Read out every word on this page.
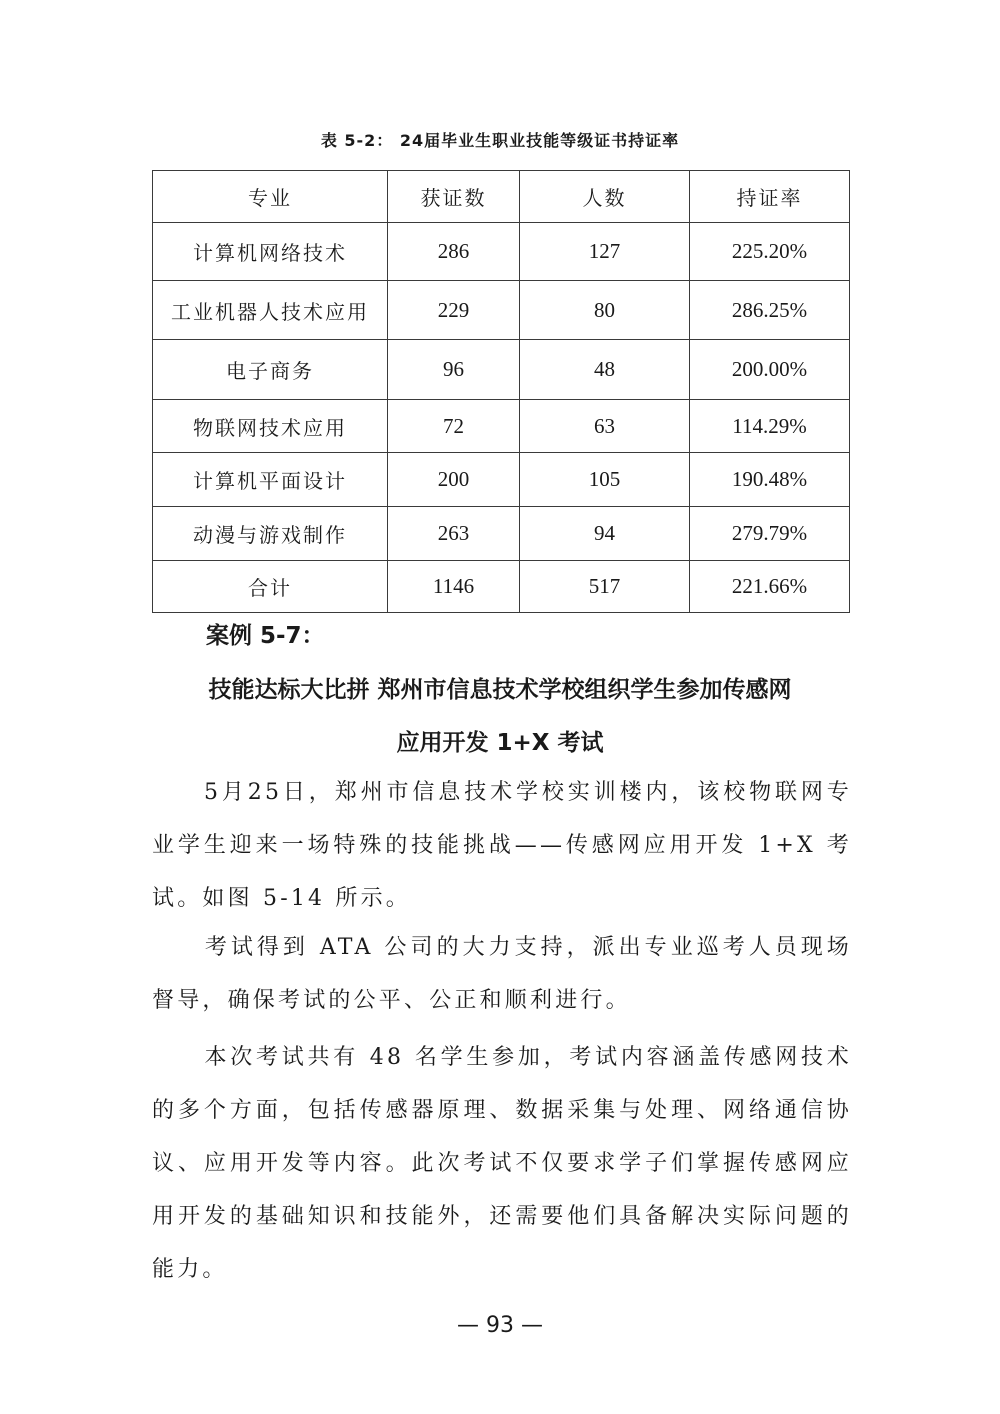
表 5-2： 24届毕业生职业技能等级证书持证率
专业	获证数	人数	持证率
计算机网络技术	286	127	225.20%
工业机器人技术应用	229	80	286.25%
电子商务	96	48	200.00%
物联网技术应用	72	63	114.29%
计算机平面设计	200	105	190.48%
动漫与游戏制作	263	94	279.79%
合计	1146	517	221.66%
案例 5-7：
技能达标大比拼 郑州市信息技术学校组织学生参加传感网
应用开发 1+X 考试
5月25日，郑州市信息技术学校实训楼内，该校物联网专业学生迎来一场特殊的技能挑战——传感网应用开发 1+X 考试。如图 5-14 所示。
考试得到 ATA 公司的大力支持，派出专业巡考人员现场督导，确保考试的公平、公正和顺利进行。
本次考试共有 48 名学生参加，考试内容涵盖传感网技术的多个方面，包括传感器原理、数据采集与处理、网络通信协议、应用开发等内容。此次考试不仅要求学子们掌握传感网应用开发的基础知识和技能外，还需要他们具备解决实际问题的能力。
— 93 —
